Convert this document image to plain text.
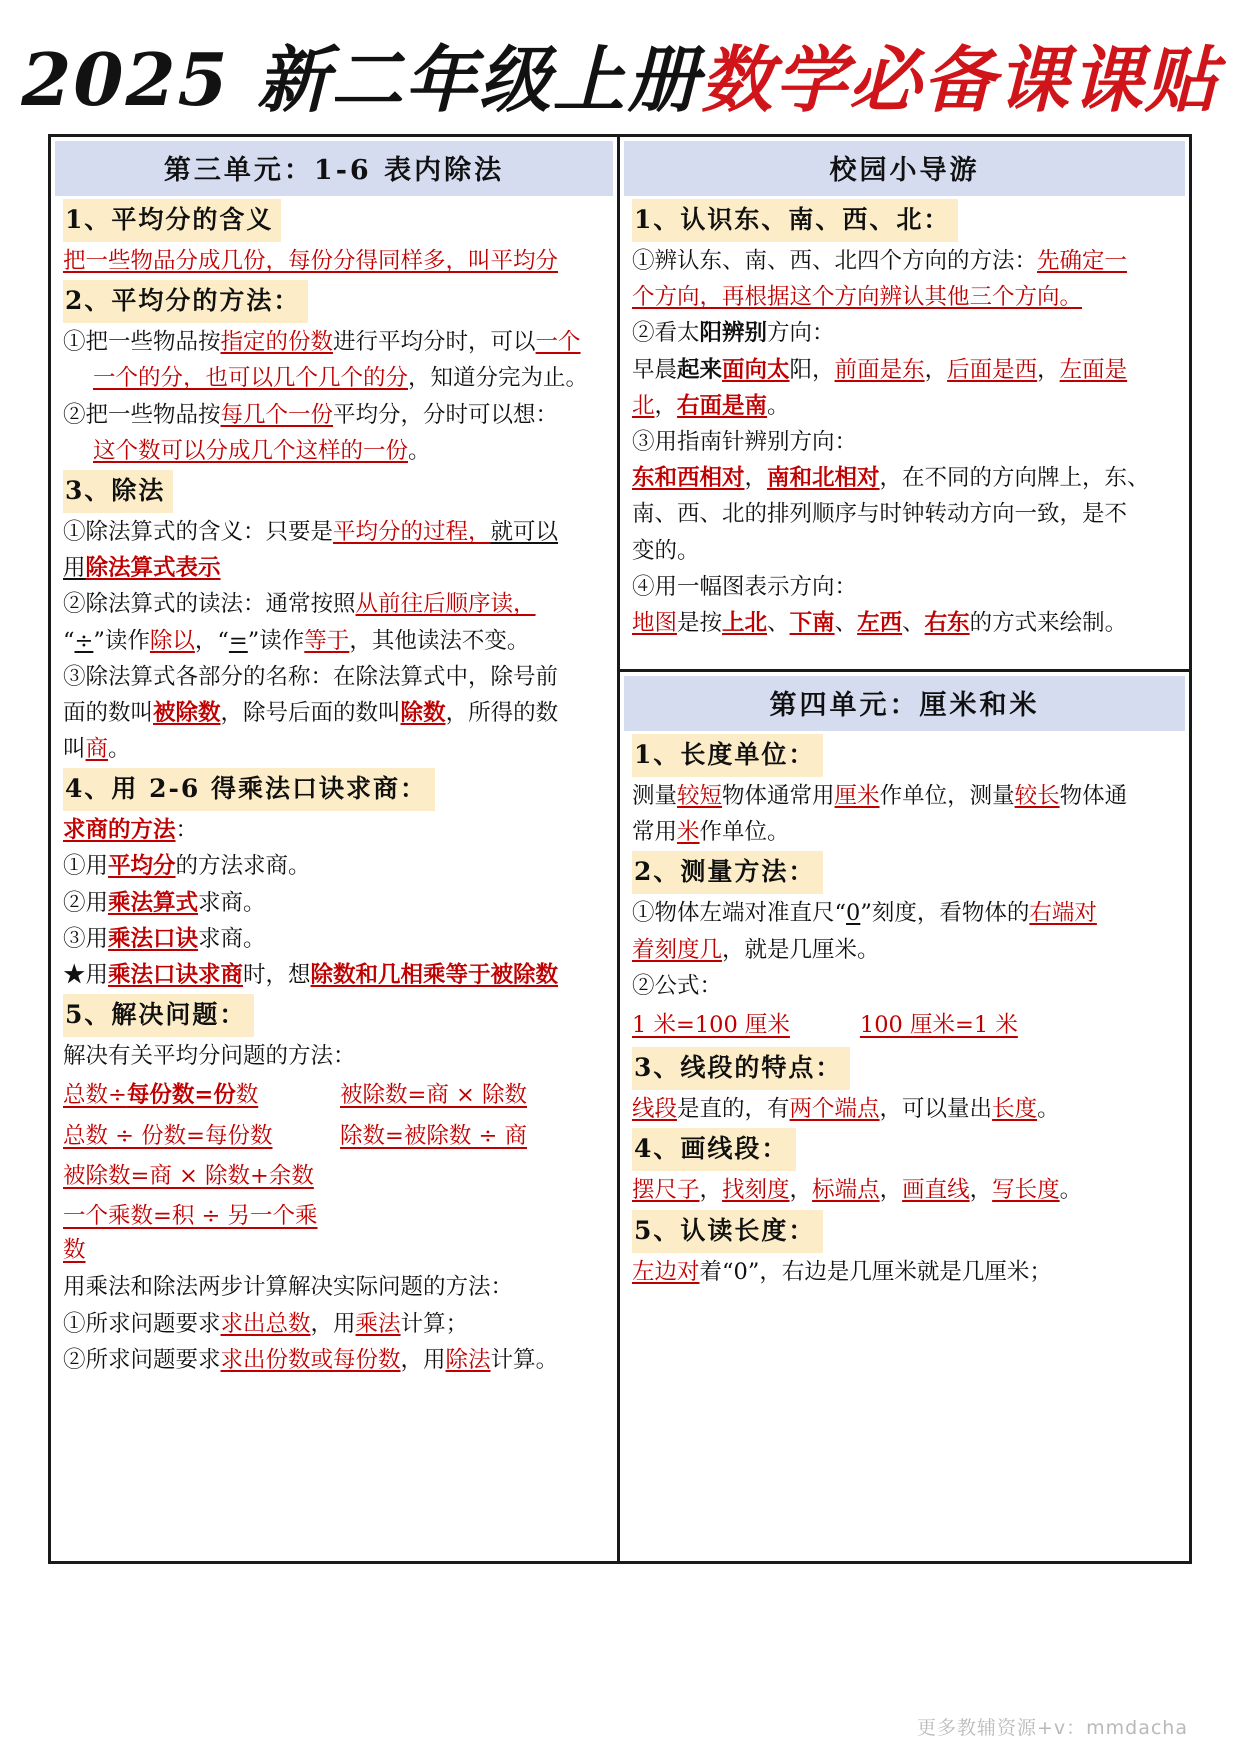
2025 新二年级上册数学必备课课贴
第三单元：1-6 表内除法
1、平均分的含义
把一些物品分成几份，每份分得同样多，叫平均分
2、平均分的方法：
①把一些物品按指定的份数进行平均分时，可以一个
一个的分，也可以几个几个的分，知道分完为止。
②把一些物品按每几个一份平均分，分时可以想：
这个数可以分成几个这样的一份。
3、除法
①除法算式的含义：只要是平均分的过程，就可以
用除法算式表示
②除法算式的读法：通常按照从前往后顺序读，
“÷”读作除以，“=”读作等于，其他读法不变。
③除法算式各部分的名称：在除法算式中，除号前
面的数叫被除数，除号后面的数叫除数，所得的数
叫商。
4、用 2-6 得乘法口诀求商：
求商的方法：
①用平均分的方法求商。
②用乘法算式求商。
③用乘法口诀求商。
★用乘法口诀求商时，想除数和几相乘等于被除数
5、解决问题：
解决有关平均分问题的方法：
总数÷每份数=份数	被除数=商 × 除数
总数 ÷ 份数=每份数	除数=被除数 ÷ 商
被除数=商 × 除数+余数
一个乘数=积 ÷ 另一个乘数
用乘法和除法两步计算解决实际问题的方法：
①所求问题要求求出总数，用乘法计算；
②所求问题要求求出份数或每份数，用除法计算。
校园小导游
1、认识东、南、西、北：
①辨认东、南、西、北四个方向的方法：先确定一
个方向，再根据这个方向辨认其他三个方向。
②看太阳辨别方向：
早晨起来面向太阳，前面是东，后面是西，左面是
北，右面是南。
③用指南针辨别方向：
东和西相对，南和北相对，在不同的方向牌上，东、
南、西、北的排列顺序与时钟转动方向一致，是不
变的。
④用一幅图表示方向：
地图是按上北、下南、左西、右东的方式来绘制。
第四单元：厘米和米
1、长度单位：
测量较短物体通常用厘米作单位，测量较长物体通
常用米作单位。
2、测量方法：
①物体左端对准直尺“0”刻度，看物体的右端对
着刻度几，就是几厘米。
②公式：
1 米=100 厘米	100 厘米=1 米
3、线段的特点：
线段是直的，有两个端点，可以量出长度。
4、画线段：
摆尺子，找刻度，标端点，画直线，写长度。
5、认读长度：
左边对着“0”，右边是几厘米就是几厘米；
更多教辅资源+v：mmdacha
